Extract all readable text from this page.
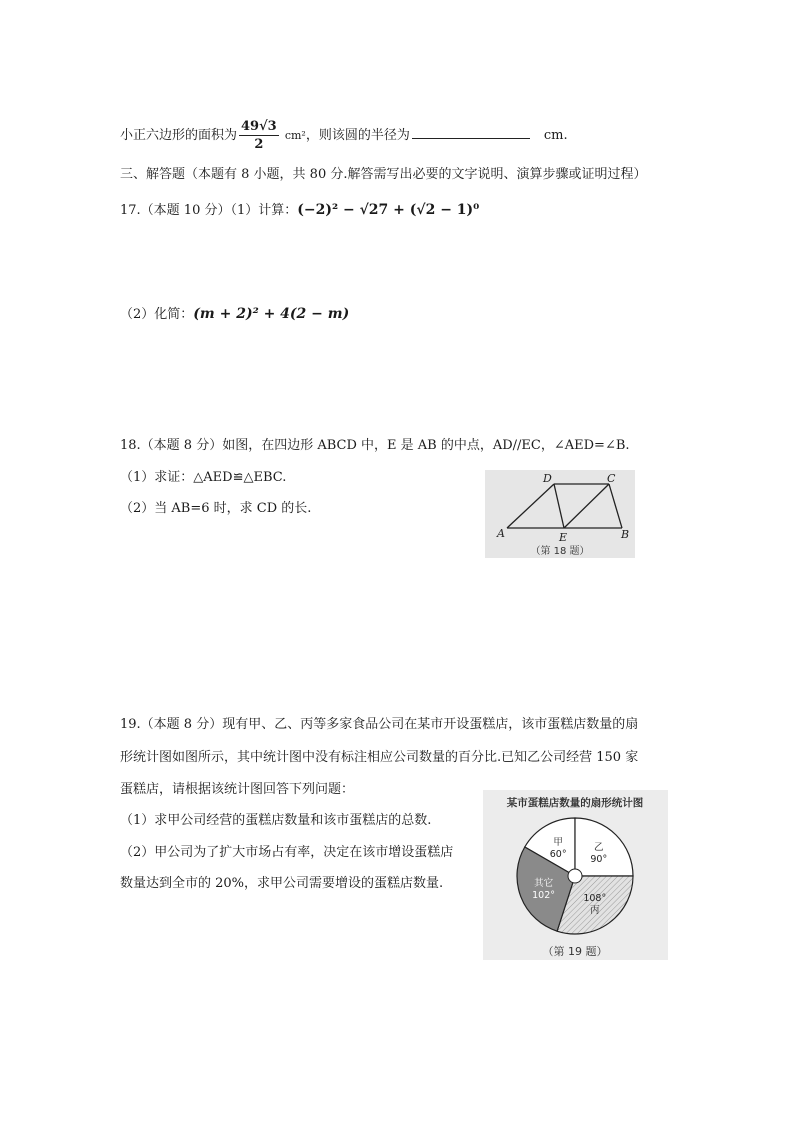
小正六边形的面积为 $\frac{49√3}{2} cm^2$，则该圆的半径为	cm.
三、解答题（本题有 8 小题，共 80 分.解答需写出必要的文字说明、演算步骤或证明过程）
17.（本题 10 分）（1）计算：(−2)² − √27 + (√2 − 1)⁰
（2）化简：(m + 2)² + 4(2 − m)
18.（本题 8 分）如图，在四边形 ABCD 中，E 是 AB 的中点，AD//EC，∠AED=∠B.
（1）求证：△AED≌△EBC.
（2）当 AB=6 时，求 CD 的长.
D	C
A	E	B
（第 18 题）
19.（本题 8 分）现有甲、乙、丙等多家食品公司在某市开设蛋糕店，该市蛋糕店数量的扇
形统计图如图所示，其中统计图中没有标注相应公司数量的百分比.已知乙公司经营 150 家
蛋糕店，请根据该统计图回答下列问题：
（1）求甲公司经营的蛋糕店数量和该市蛋糕店的总数.
（2）甲公司为了扩大市场占有率，决定在该市增设蛋糕店
数量达到全市的 20%，求甲公司需要增设的蛋糕店数量.
某市蛋糕店数量的扇形统计图
甲
60°
乙
90°
108°
丙
其它
102°
（第 19 题）
